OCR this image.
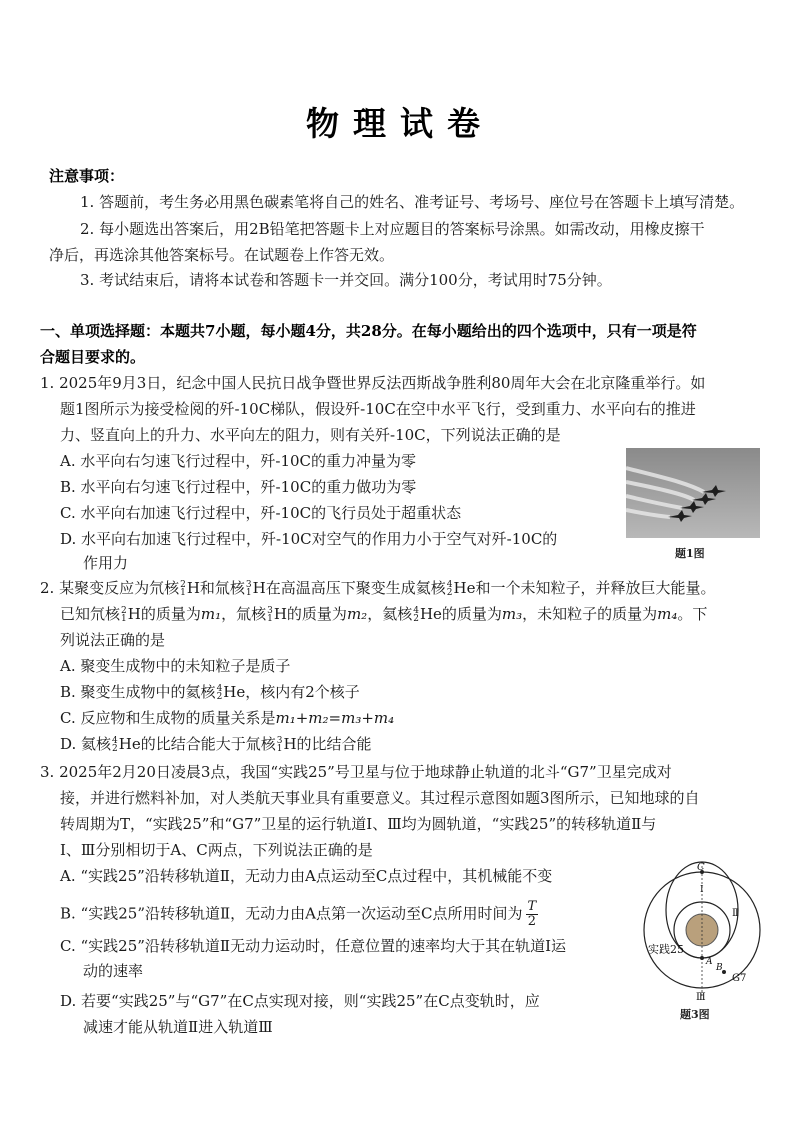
物理试卷
注意事项：
1. 答题前，考生务必用黑色碳素笔将自己的姓名、准考证号、考场号、座位号在答题卡上填写清楚。
2. 每小题选出答案后，用2B铅笔把答题卡上对应题目的答案标号涂黑。如需改动，用橡皮擦干
净后，再选涂其他答案标号。在试题卷上作答无效。
3. 考试结束后，请将本试卷和答题卡一并交回。满分100分，考试用时75分钟。
一、单项选择题：本题共7小题，每小题4分，共28分。在每小题给出的四个选项中，只有一项是符
合题目要求的。
1. 2025年9月3日，纪念中国人民抗日战争暨世界反法西斯战争胜利80周年大会在北京隆重举行。如
题1图所示为接受检阅的歼-10C梯队，假设歼-10C在空中水平飞行，受到重力、水平向右的推进
力、竖直向上的升力、水平向左的阻力，则有关歼-10C，下列说法正确的是
A. 水平向右匀速飞行过程中，歼-10C的重力冲量为零
B. 水平向右匀速飞行过程中，歼-10C的重力做功为零
C. 水平向右加速飞行过程中，歼-10C的飞行员处于超重状态
D. 水平向右加速飞行过程中，歼-10C对空气的作用力小于空气对歼-10C的
作用力
题1图
2. 某聚变反应为氘核 2
1 H和氚核 3
1 H在高温高压下聚变生成氦核 4
2 He和一个未知粒子，并释放巨大能量。
已知氘核 2
1 H的质量为m₁，氚核 3
1 H的质量为m₂，氦核 4
2 He的质量为m₃，未知粒子的质量为m₄。下
列说法正确的是
A. 聚变生成物中的未知粒子是质子
B. 聚变生成物中的氦核 4
2 He，核内有2个核子
C. 反应物和生成物的质量关系是m₁+m₂=m₃+m₄
D. 氦核 4
2 He的比结合能大于氚核 3
1 H的比结合能
3. 2025年2月20日凌晨3点，我国“实践25”号卫星与位于地球静止轨道的北斗“G7”卫星完成对
接，并进行燃料补加，对人类航天事业具有重要意义。其过程示意图如题3图所示，已知地球的自
转周期为T，“实践25”和“G7”卫星的运行轨道Ⅰ、Ⅲ均为圆轨道，“实践25”的转移轨道Ⅱ与
Ⅰ、Ⅲ分别相切于A、C两点，下列说法正确的是
A. “实践25”沿转移轨道Ⅱ，无动力由A点运动至C点过程中，其机械能不变
B. “实践25”沿转移轨道Ⅱ，无动力由A点第一次运动至C点所用时间为 $\frac{T}{2}$
C. “实践25”沿转移轨道Ⅱ无动力运动时，任意位置的速率均大于其在轨道Ⅰ运
动的速率
D. 若要“实践25”与“G7”在C点实现对接，则“实践25”在C点变轨时，应
减速才能从轨道Ⅱ进入轨道Ⅲ
C
Ⅰ
Ⅱ
Ⅲ
A
B
实践25
G7
题3图
